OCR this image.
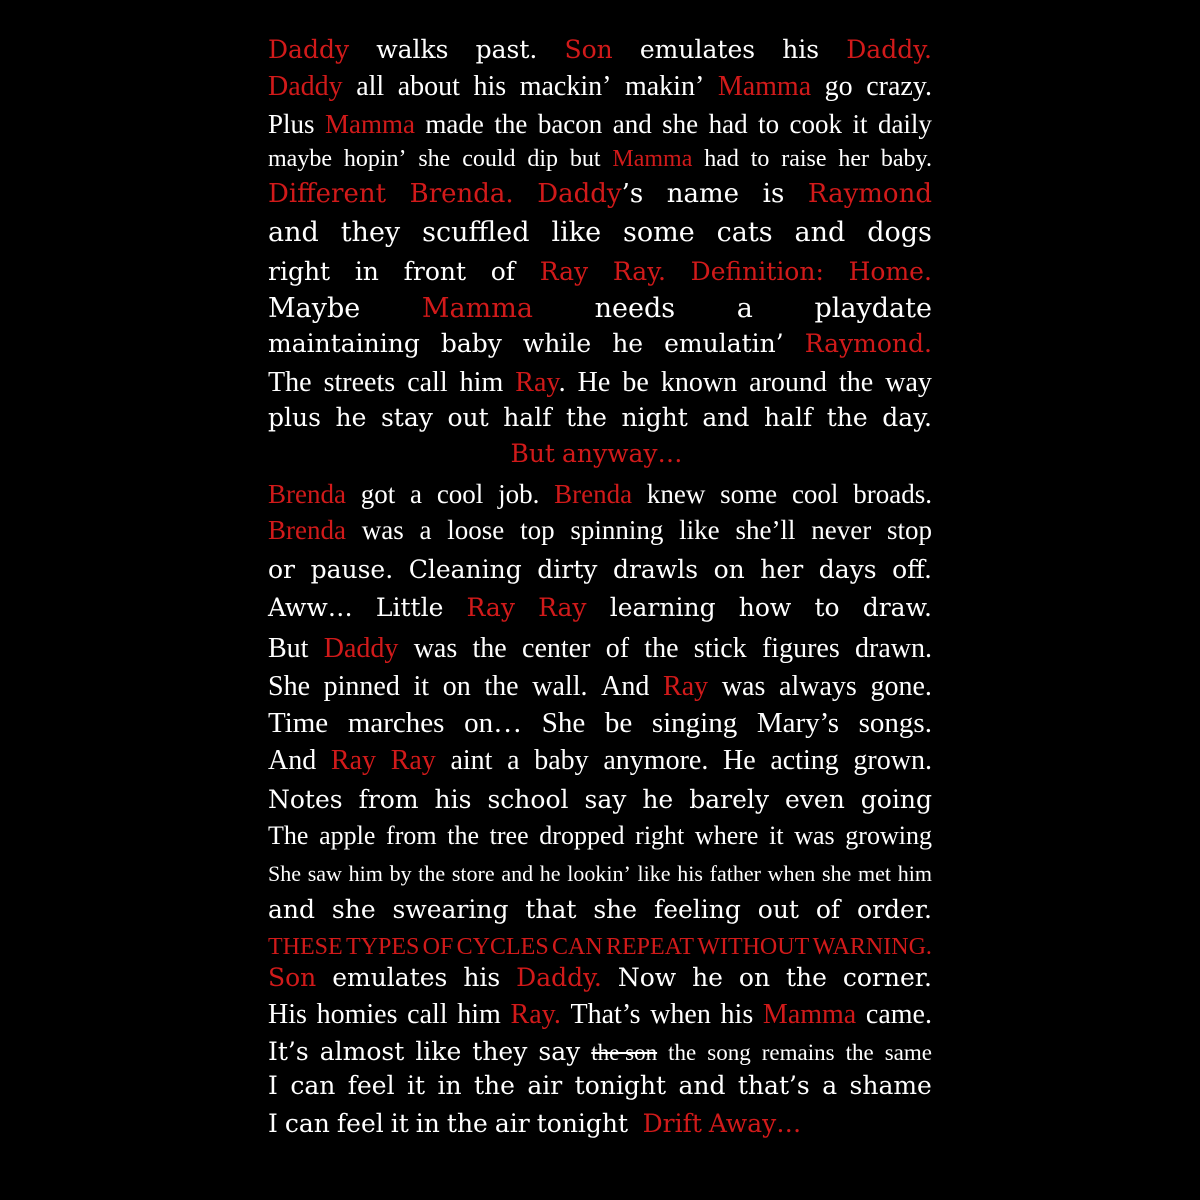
Daddy walks past. Son emulates his Daddy.
Daddy all about his mackin’ makin’ Mamma go crazy.
Plus Mamma made the bacon and she had to cook it daily
maybe hopin’ she could dip but Mamma had to raise her baby.
Different Brenda. Daddy’s name is Raymond
and they scuffled like some cats and dogs
right in front of Ray Ray. Definition: Home.
Maybe Mamma needs a playdate
maintaining baby while he emulatin’ Raymond.
The streets call him Ray. He be known around the way
plus he stay out half the night and half the day.
But anyway…
Brenda got a cool job. Brenda knew some cool broads.
Brenda was a loose top spinning like she’ll never stop
or pause. Cleaning dirty drawls on her days off.
Aww… Little Ray Ray learning how to draw.
But Daddy was the center of the stick figures drawn.
She pinned it on the wall. And Ray was always gone.
Time marches on… She be singing Mary’s songs.
And Ray Ray aint a baby anymore. He acting grown.
Notes from his school say he barely even going
The apple from the tree dropped right where it was growing
She saw him by the store and he lookin’ like his father when she met him
and she swearing that she feeling out of order.
THESE TYPES OF CYCLES CAN REPEAT WITHOUT WARNING.
Son emulates his Daddy. Now he on the corner.
His homies call him Ray. That’s when his Mamma came.
It’s almost like they say the son the song remains the same
I can feel it in the air tonight and that’s a shame
I can feel it in the air tonight Drift Away…
